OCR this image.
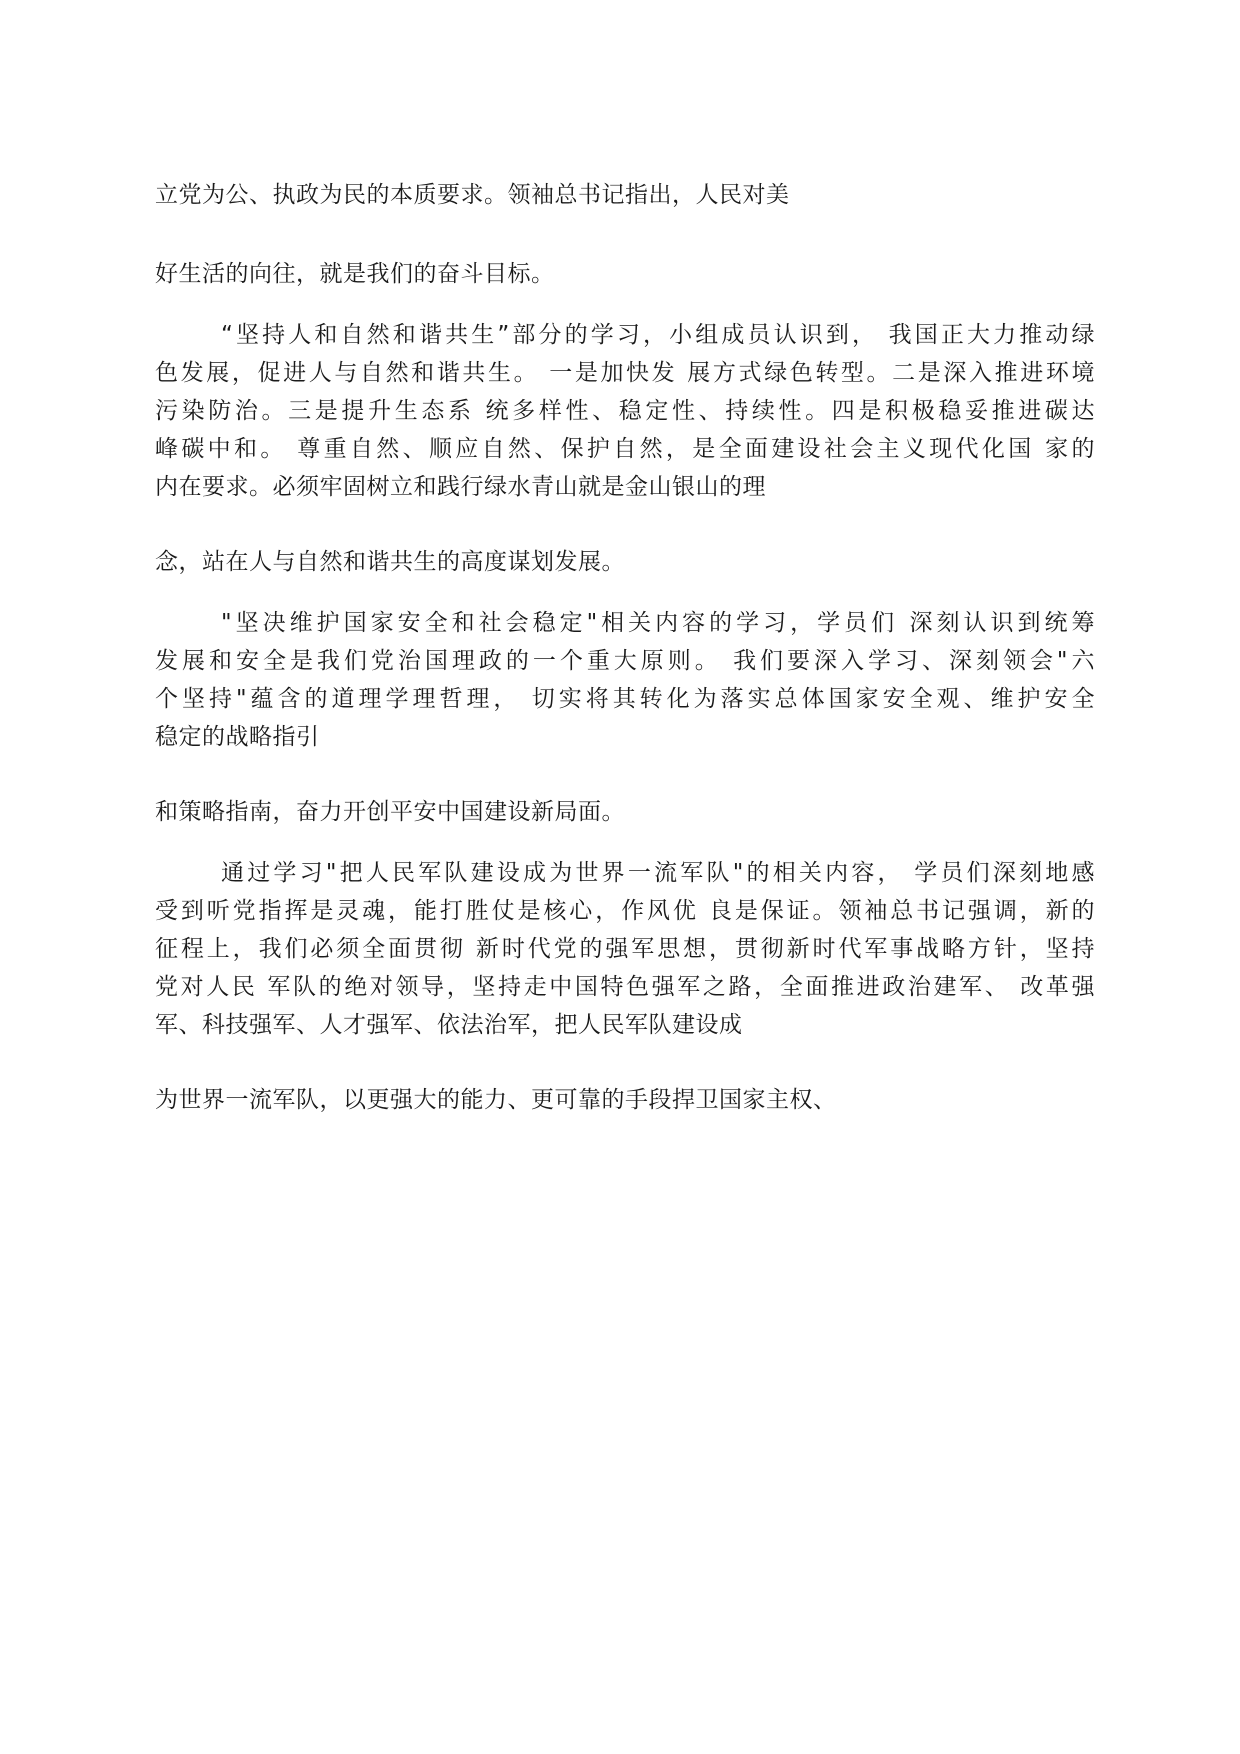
立党为公、执政为民的本质要求。领袖总书记指出，人民对美
好生活的向往，就是我们的奋斗目标。
“坚持人和自然和谐共生”部分的学习，小组成员认识到， 我国正大力推动绿
色发展，促进人与自然和谐共生。 一是加快发 展方式绿色转型。二是深入推进环境
污染防治。三是提升生态系 统多样性、稳定性、持续性。四是积极稳妥推进碳达
峰碳中和。 尊重自然、顺应自然、保护自然，是全面建设社会主义现代化国 家的
内在要求。必须牢固树立和践行绿水青山就是金山银山的理
念，站在人与自然和谐共生的高度谋划发展。
"坚决维护国家安全和社会稳定"相关内容的学习，学员们 深刻认识到统筹
发展和安全是我们党治国理政的一个重大原则。 我们要深入学习、深刻领会"六
个坚持"蕴含的道理学理哲理， 切实将其转化为落实总体国家安全观、维护安全
稳定的战略指引
和策略指南，奋力开创平安中国建设新局面。
通过学习"把人民军队建设成为世界一流军队"的相关内容， 学员们深刻地感
受到听党指挥是灵魂，能打胜仗是核心，作风优 良是保证。领袖总书记强调，新的
征程上，我们必须全面贯彻 新时代党的强军思想，贯彻新时代军事战略方针，坚持
党对人民 军队的绝对领导，坚持走中国特色强军之路，全面推进政治建军、 改革强
军、科技强军、人才强军、依法治军，把人民军队建设成
为世界一流军队，以更强大的能力、更可靠的手段捍卫国家主权、
